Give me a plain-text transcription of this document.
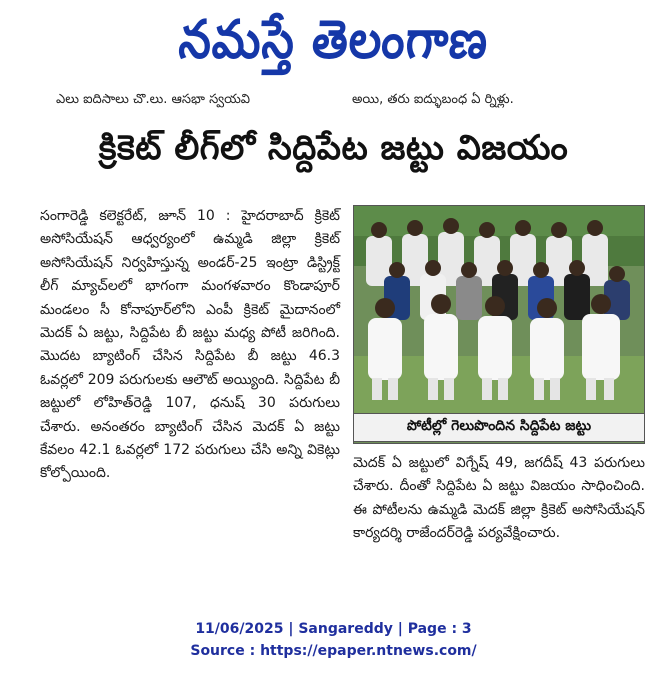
నమస్తే తెలంగాణ
ఎలు ఐదిసాలు చొ.లు. ఆసభా స్వయవి	అయి, తరు ఐద్ళుబంధ ఏ ర్నిళ్లు.
క్రికెట్ లీగ్‌లో సిద్దిపేట జట్టు విజయం
సంగారెడ్డి కలెక్టరేట్, జూన్ 10 : హైదరాబాద్ క్రికెట్ అసోసియేషన్ ఆధ్వర్యంలో ఉమ్మడి జిల్లా క్రికెట్ అసోసియేషన్ నిర్వహిస్తున్న అండర్-25 ఇంట్రా డిస్ట్రిక్ట్ లీగ్ మ్యాచ్‌లలో భాగంగా మంగళవారం కొండాపూర్ మండలం సీ కోనాపూర్‌లోని ఎంపీ క్రికెట్ మైదానంలో మెదక్ ఏ జట్టు, సిద్దిపేట బీ జట్టు మధ్య పోటీ జరిగింది. మొదట బ్యాటింగ్ చేసిన సిద్దిపేట బీ జట్టు 46.3 ఓవర్లలో 209 పరుగులకు ఆలౌట్ అయ్యింది. సిద్దిపేట బీ జట్టులో లోహిత్‌రెడ్డి 107, ధనుష్ 30 పరుగులు చేశారు. అనంతరం బ్యాటింగ్ చేసిన మెదక్ ఏ జట్టు కేవలం 42.1 ఓవర్లలో 172 పరుగులు చేసి అన్ని వికెట్లు కోల్పోయింది.
పోటీల్లో గెలుపొందిన సిద్దిపేట జట్టు
మెదక్ ఏ జట్టులో విగ్నేష్ 49, జగదీష్ 43 పరుగులు చేశారు. దీంతో సిద్దిపేట ఏ జట్టు విజయం సాధించింది. ఈ పోటీలను ఉమ్మడి మెదక్ జిల్లా క్రికెట్ అసోసియేషన్ కార్యదర్శి రాజేందర్‌రెడ్డి పర్యవేక్షించారు.
11/06/2025 | Sangareddy | Page : 3
Source : https://epaper.ntnews.com/
